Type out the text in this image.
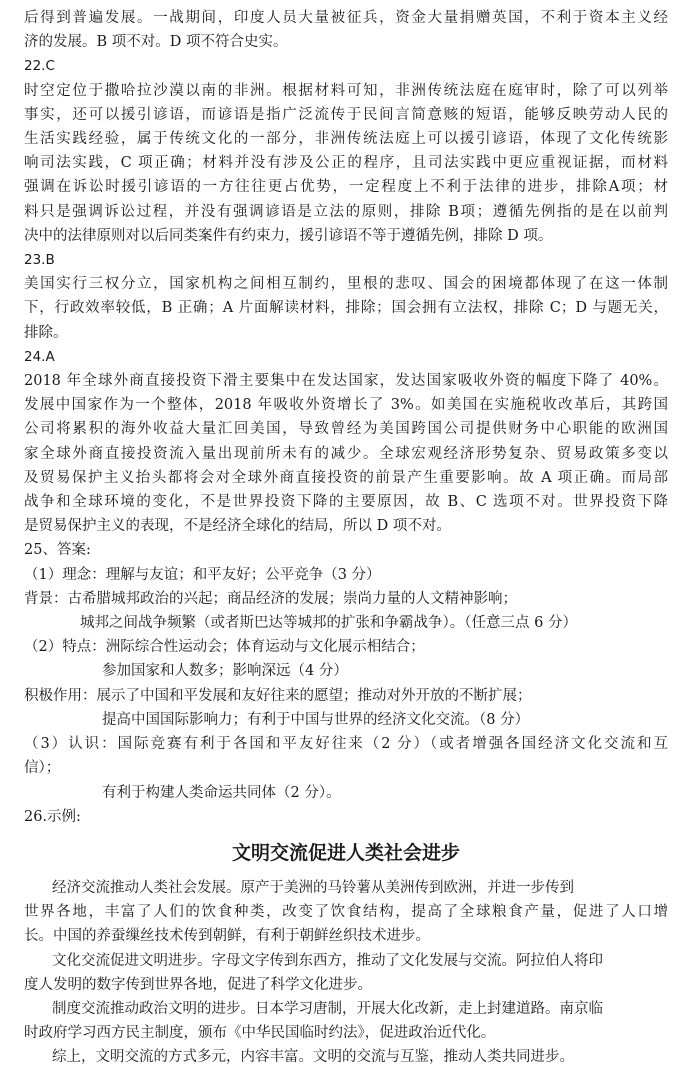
后得到普遍发展。一战期间，印度人员大量被征兵，资金大量捐赠英国，不利于资本主义经
济的发展。B 项不对。D 项不符合史实。
22.C
时空定位于撒哈拉沙漠以南的非洲。根据材料可知，非洲传统法庭在庭审时，除了可以列举
事实，还可以援引谚语，而谚语是指广泛流传于民间言简意赅的短语，能够反映劳动人民的
生活实践经验，属于传统文化的一部分，非洲传统法庭上可以援引谚语，体现了文化传统影
响司法实践，C 项正确；材料并没有涉及公正的程序，且司法实践中更应重视证据，而材料
强调在诉讼时援引谚语的一方往往更占优势，一定程度上不利于法律的进步，排除A项；材
料只是强调诉讼过程，并没有强调谚语是立法的原则，排除 B项；遵循先例指的是在以前判
决中的法律原则对以后同类案件有约束力，援引谚语不等于遵循先例，排除 D 项。
23.B
美国实行三权分立，国家机构之间相互制约，里根的悲叹、国会的困境都体现了在这一体制
下，行政效率较低，B 正确；A 片面解读材料，排除；国会拥有立法权，排除 C；D 与题无关，
排除。
24.A
2018 年全球外商直接投资下滑主要集中在发达国家，发达国家吸收外资的幅度下降了 40%。
发展中国家作为一个整体，2018 年吸收外资增长了 3%。如美国在实施税收改革后，其跨国
公司将累积的海外收益大量汇回美国，导致曾经为美国跨国公司提供财务中心职能的欧洲国
家全球外商直接投资流入量出现前所未有的减少。全球宏观经济形势复杂、贸易政策多变以
及贸易保护主义抬头都将会对全球外商直接投资的前景产生重要影响。故 A 项正确。而局部
战争和全球环境的变化，不是世界投资下降的主要原因，故 B、C 选项不对。世界投资下降
是贸易保护主义的表现，不是经济全球化的结局，所以 D 项不对。
25、答案:
（1）理念：理解与友谊；和平友好；公平竞争（3 分）
背景：古希腊城邦政治的兴起；商品经济的发展；崇尚力量的人文精神影响；
城邦之间战争频繁（或者斯巴达等城邦的扩张和争霸战争）。（任意三点 6 分）
（2）特点：洲际综合性运动会；体育运动与文化展示相结合；
参加国家和人数多；影响深远（4 分）
积极作用：展示了中国和平发展和友好往来的愿望；推动对外开放的不断扩展；
提高中国国际影响力；有利于中国与世界的经济文化交流。（8 分）
（3）认识：国际竞赛有利于各国和平友好往来（2 分）（或者增强各国经济文化交流和互
信）；
有利于构建人类命运共同体（2 分）。
26.示例:
文明交流促进人类社会进步
经济交流推动人类社会发展。原产于美洲的马铃薯从美洲传到欧洲，并进一步传到
世界各地，丰富了人们的饮食种类，改变了饮食结构，提高了全球粮食产量，促进了人口增
长。中国的养蚕缫丝技术传到朝鲜，有利于朝鲜丝织技术进步。
文化交流促进文明进步。字母文字传到东西方，推动了文化发展与交流。阿拉伯人将印
度人发明的数字传到世界各地，促进了科学文化进步。
制度交流推动政治文明的进步。日本学习唐制，开展大化改新，走上封建道路。南京临
时政府学习西方民主制度，颁布《中华民国临时约法》，促进政治近代化。
综上，文明交流的方式多元，内容丰富。文明的交流与互鉴，推动人类共同进步。
